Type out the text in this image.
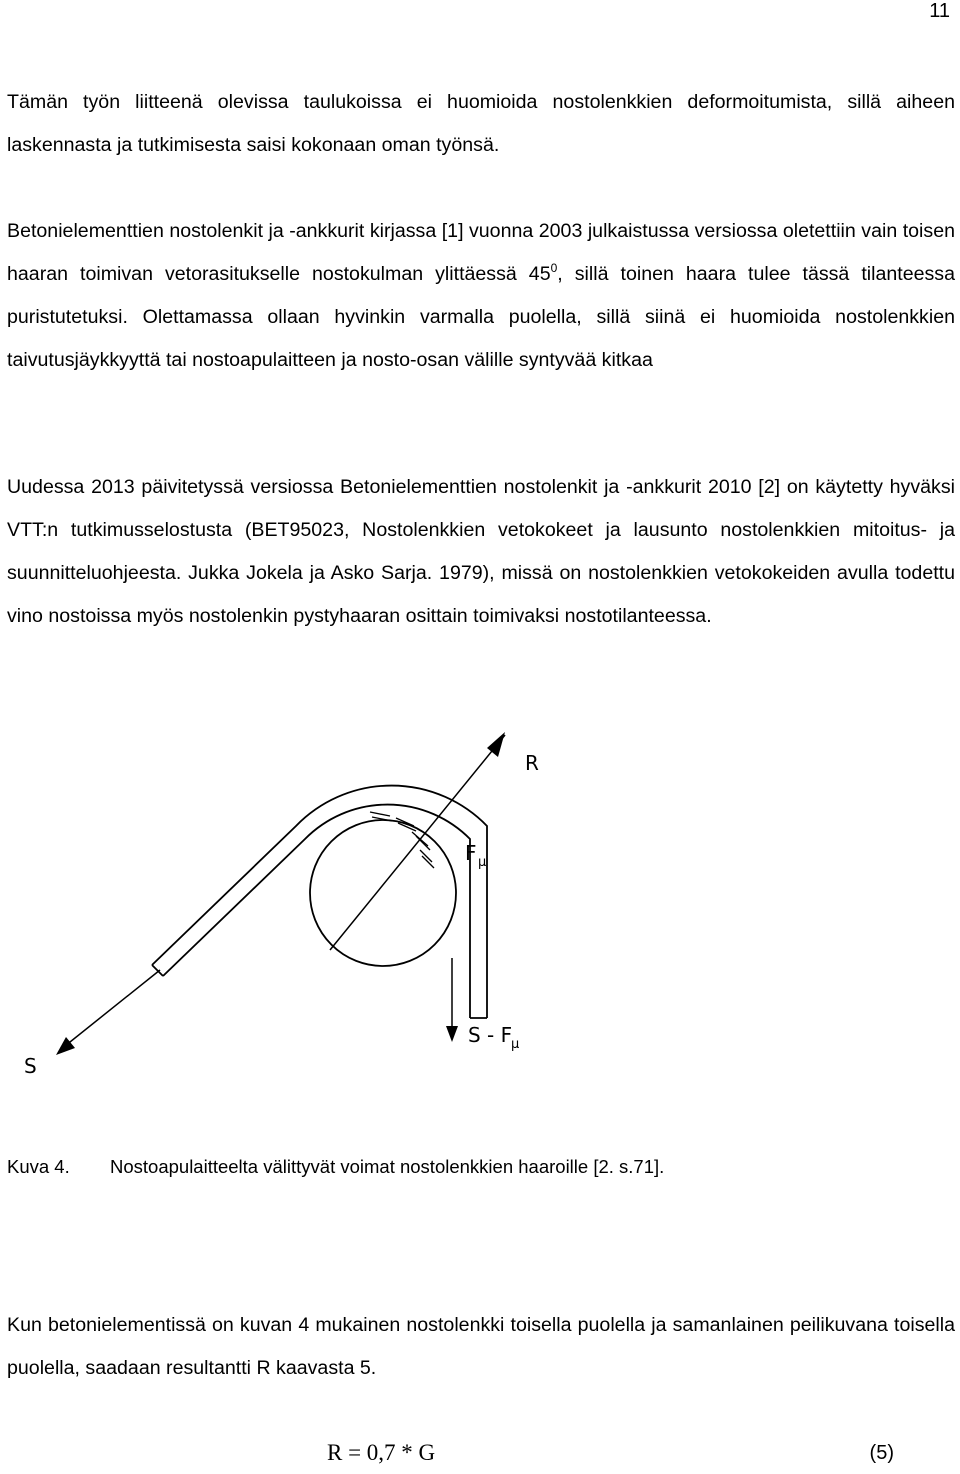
11
Tämän työn liitteenä olevissa taulukoissa ei huomioida nostolenkkien deformoitumista, sillä aiheen laskennasta ja tutkimisesta saisi kokonaan oman työnsä.
Betonielementtien nostolenkit ja -ankkurit kirjassa [1] vuonna 2003 julkaistussa versiossa oletettiin vain toisen haaran toimivan vetorasitukselle nostokulman ylittäessä $45^0$, sillä toinen haara tulee tässä tilanteessa puristutetuksi. Olettamassa ollaan hyvinkin varmalla puolella, sillä siinä ei huomioida nostolenkkien taivutusjäykkyyttä tai nostoapulaitteen ja nosto-osan välille syntyvää kitkaa
Uudessa 2013 päivitetyssä versiossa Betonielementtien nostolenkit ja -ankkurit 2010 [2] on käytetty hyväksi VTT:n tutkimusselostusta (BET95023, Nostolenkkien vetokokeet ja lausunto nostolenkkien mitoitus- ja suunnitteluohjeesta. Jukka Jokela ja Asko Sarja. 1979), missä on nostolenkkien vetokokeiden avulla todettu vino nostoissa myös nostolenkin pystyhaaran osittain toimivaksi nostotilanteessa.
R
F μ
S - F
μ
S
Kuva 4. Nostoapulaitteelta välittyvät voimat nostolenkkien haaroille [2. s.71].
Kun betonielementissä on kuvan 4 mukainen nostolenkki toisella puolella ja samanlainen peilikuvana toisella puolella, saadaan resultantti R kaavasta 5.
R = 0,7 * G	(5)
